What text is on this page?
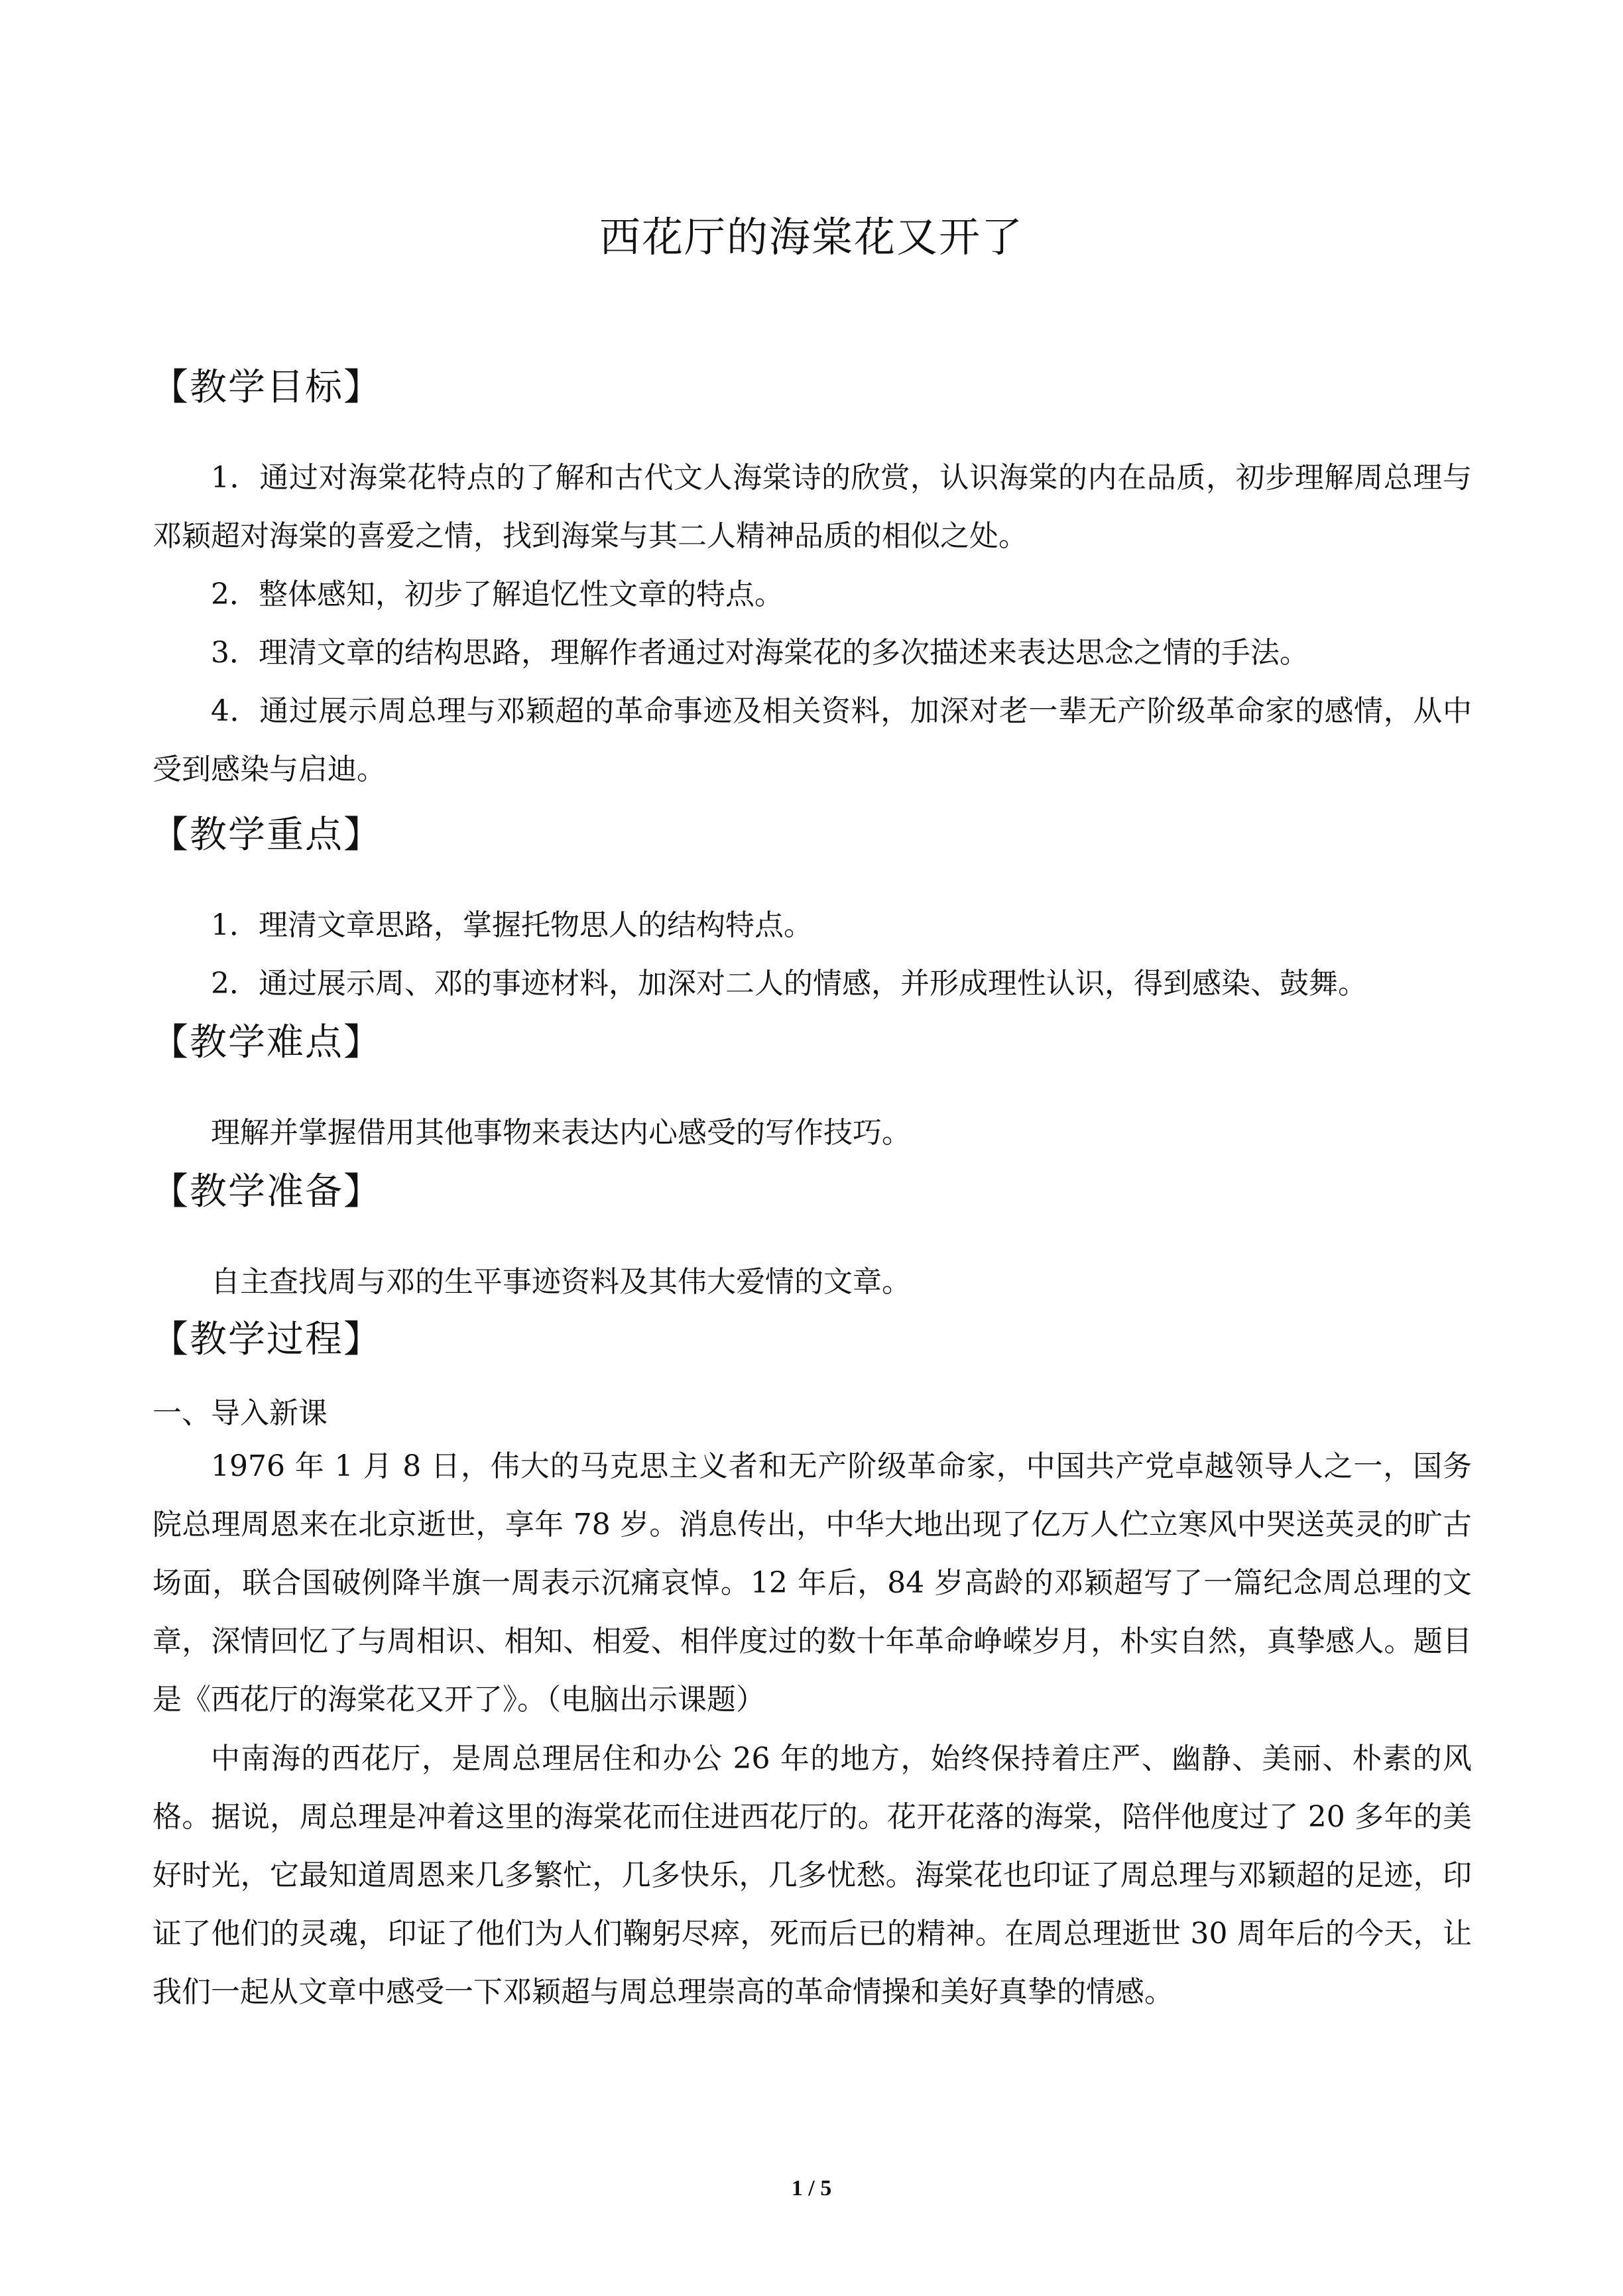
西花厅的海棠花又开了
【教学目标】

1．通过对海棠花特点的了解和古代文人海棠诗的欣赏，认识海棠的内在品质，初步理解周总理与邓颖超对海棠的喜爱之情，找到海棠与其二人精神品质的相似之处。

2．整体感知，初步了解追忆性文章的特点。

3．理清文章的结构思路，理解作者通过对海棠花的多次描述来表达思念之情的手法。

4．通过展示周总理与邓颖超的革命事迹及相关资料，加深对老一辈无产阶级革命家的感情，从中受到感染与启迪。

【教学重点】

1．理清文章思路，掌握托物思人的结构特点。

2．通过展示周、邓的事迹材料，加深对二人的情感，并形成理性认识，得到感染、鼓舞。

【教学难点】

理解并掌握借用其他事物来表达内心感受的写作技巧。

【教学准备】

自主查找周与邓的生平事迹资料及其伟大爱情的文章。

【教学过程】
一、导入新课

1976 年 1 月 8 日，伟大的马克思主义者和无产阶级革命家，中国共产党卓越领导人之一，国务院总理周恩来在北京逝世，享年 78 岁。消息传出，中华大地出现了亿万人伫立寒风中哭送英灵的旷古场面，联合国破例降半旗一周表示沉痛哀悼。12 年后，84 岁高龄的邓颖超写了一篇纪念周总理的文章，深情回忆了与周相识、相知、相爱、相伴度过的数十年革命峥嵘岁月，朴实自然，真挚感人。题目是《西花厅的海棠花又开了》。（电脑出示课题）

中南海的西花厅，是周总理居住和办公 26 年的地方，始终保持着庄严、幽静、美丽、朴素的风格。据说，周总理是冲着这里的海棠花而住进西花厅的。花开花落的海棠，陪伴他度过了 20 多年的美好时光，它最知道周恩来几多繁忙，几多快乐，几多忧愁。海棠花也印证了周总理与邓颖超的足迹，印证了他们的灵魂，印证了他们为人们鞠躬尽瘁，死而后已的精神。在周总理逝世 30 周年后的今天，让我们一起从文章中感受一下邓颖超与周总理崇高的革命情操和美好真挚的情感。

1 / 5
